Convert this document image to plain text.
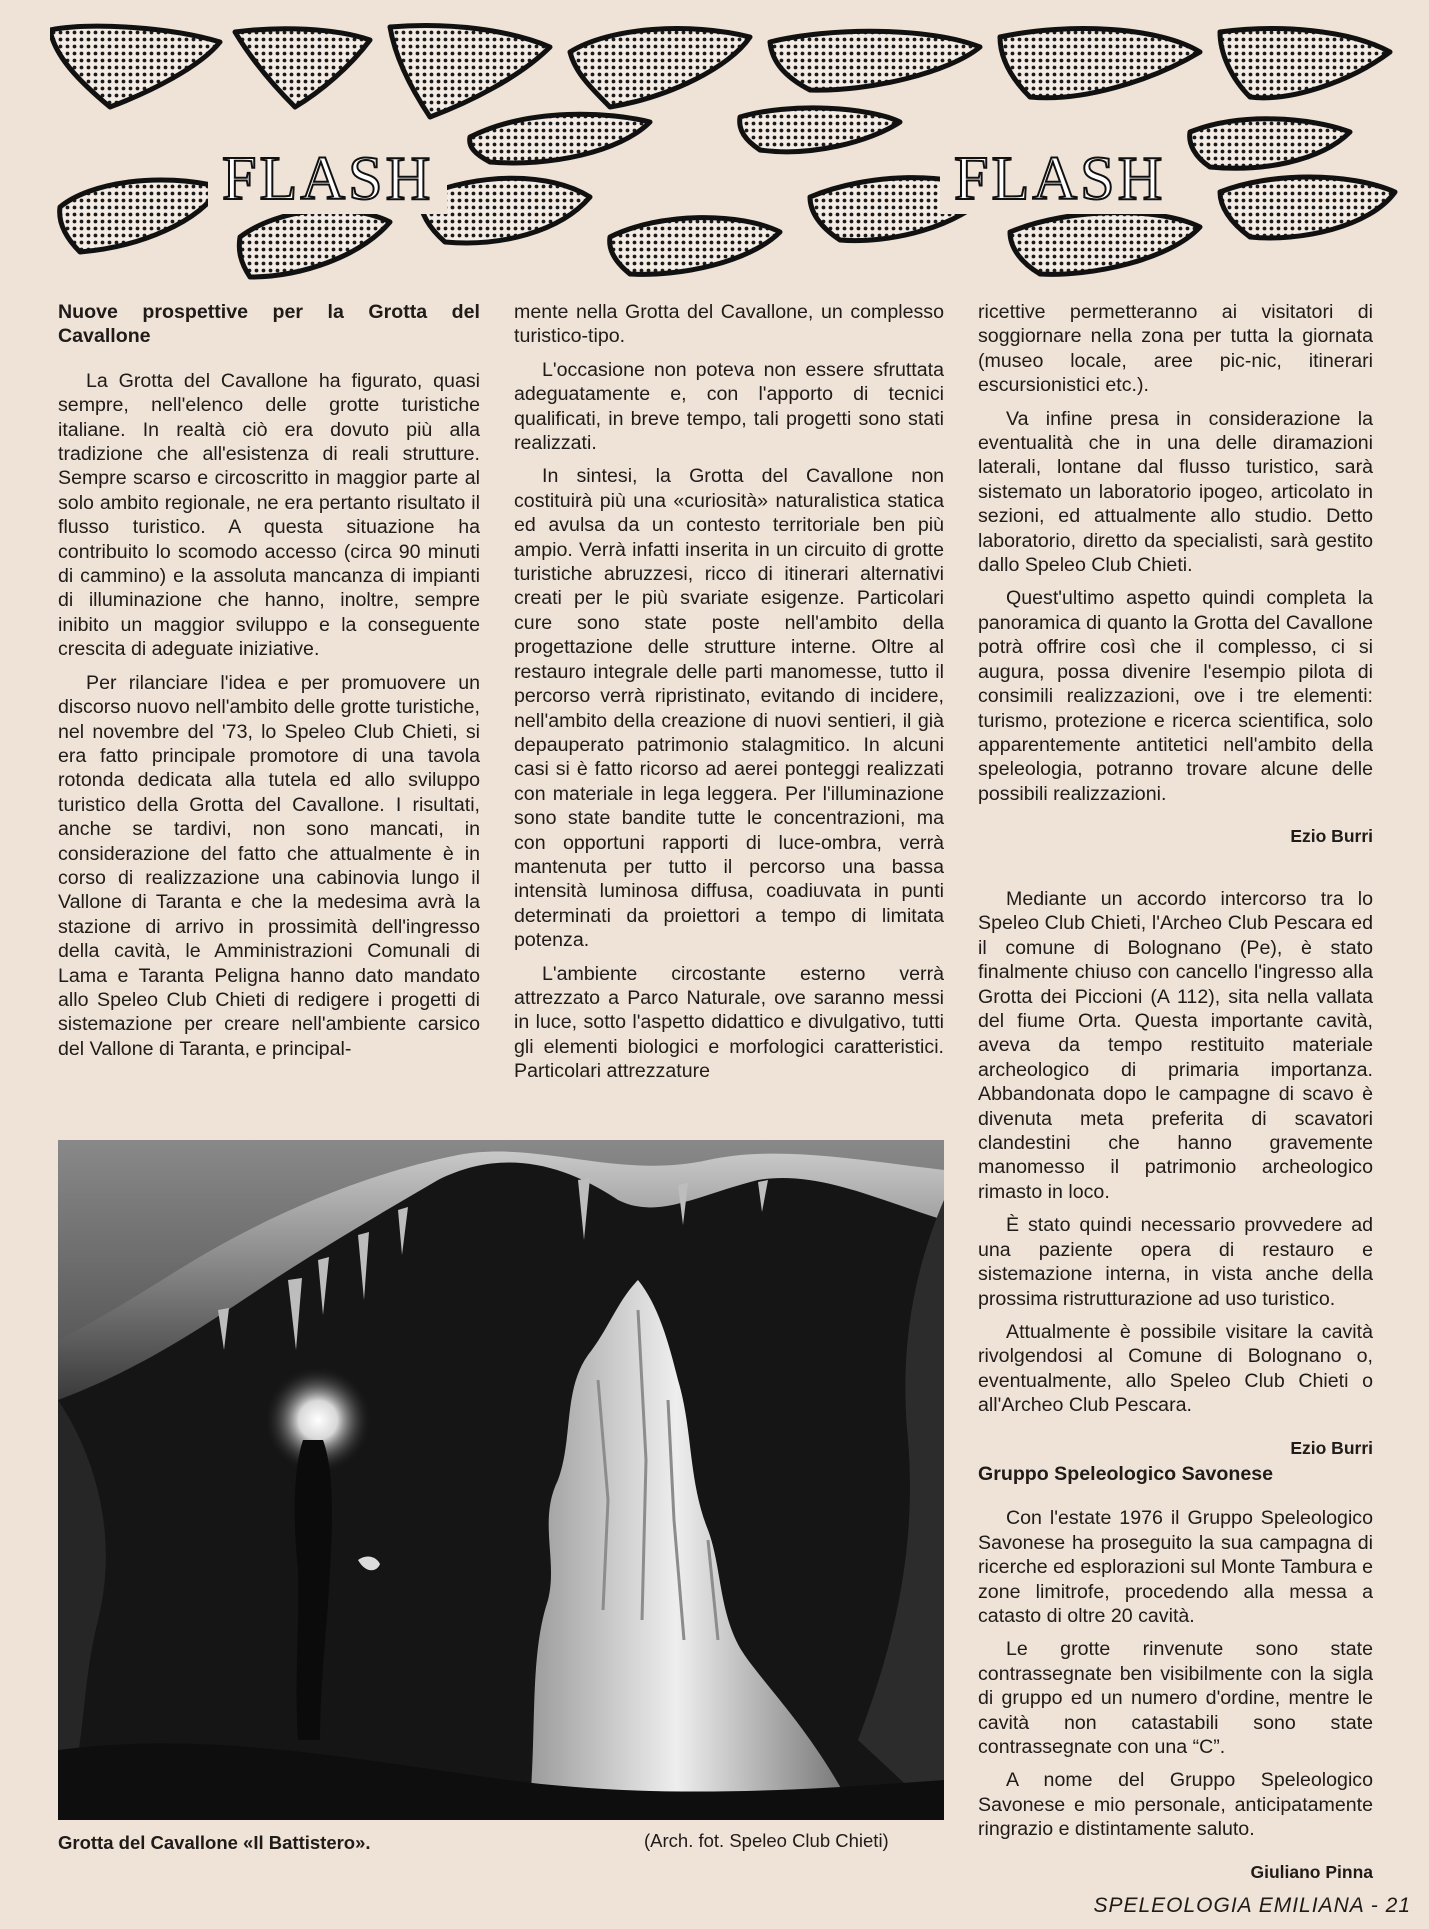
FLASH	FLASH
Nuove prospettive per la Grotta del Cavallone

La Grotta del Cavallone ha figurato, quasi sempre, nell'elenco delle grotte turistiche italiane. In realtà ciò era dovuto più alla tradizione che all'esistenza di reali strutture. Sempre scarso e circoscritto in maggior parte al solo ambito regionale, ne era pertanto risultato il flusso turistico. A questa situazione ha contribuito lo scomodo accesso (circa 90 minuti di cammino) e la assoluta mancanza di impianti di illuminazione che hanno, inoltre, sempre inibito un maggior sviluppo e la conseguente crescita di adeguate iniziative.

Per rilanciare l'idea e per promuovere un discorso nuovo nell'ambito delle grotte turistiche, nel novembre del '73, lo Speleo Club Chieti, si era fatto principale promotore di una tavola rotonda dedicata alla tutela ed allo sviluppo turistico della Grotta del Cavallone. I risultati, anche se tardivi, non sono mancati, in considerazione del fatto che attualmente è in corso di realizzazione una cabinovia lungo il Vallone di Taranta e che la medesima avrà la stazione di arrivo in prossimità dell'ingresso della cavità, le Amministrazioni Comunali di Lama e Taranta Peligna hanno dato mandato allo Speleo Club Chieti di redigere i progetti di sistemazione per creare nell'ambiente carsico del Vallone di Taranta, e principal-

mente nella Grotta del Cavallone, un complesso turistico-tipo.

L'occasione non poteva non essere sfruttata adeguatamente e, con l'apporto di tecnici qualificati, in breve tempo, tali progetti sono stati realizzati.

In sintesi, la Grotta del Cavallone non costituirà più una «curiosità» naturalistica statica ed avulsa da un contesto territoriale ben più ampio. Verrà infatti inserita in un circuito di grotte turistiche abruzzesi, ricco di itinerari alternativi creati per le più svariate esigenze. Particolari cure sono state poste nell'ambito della progettazione delle strutture interne. Oltre al restauro integrale delle parti manomesse, tutto il percorso verrà ripristinato, evitando di incidere, nell'ambito della creazione di nuovi sentieri, il già depauperato patrimonio stalagmitico. In alcuni casi si è fatto ricorso ad aerei ponteggi realizzati con materiale in lega leggera. Per l'illuminazione sono state bandite tutte le concentrazioni, ma con opportuni rapporti di luce-ombra, verrà mantenuta per tutto il percorso una bassa intensità luminosa diffusa, coadiuvata in punti determinati da proiettori a tempo di limitata potenza.

L'ambiente circostante esterno verrà attrezzato a Parco Naturale, ove saranno messi in luce, sotto l'aspetto didattico e divulgativo, tutti gli elementi biologici e morfologici caratteristici. Particolari attrezzature

ricettive permetteranno ai visitatori di soggiornare nella zona per tutta la giornata (museo locale, aree pic-nic, itinerari escursionistici etc.).

Va infine presa in considerazione la eventualità che in una delle diramazioni laterali, lontane dal flusso turistico, sarà sistemato un laboratorio ipogeo, articolato in sezioni, ed attualmente allo studio. Detto laboratorio, diretto da specialisti, sarà gestito dallo Speleo Club Chieti.

Quest'ultimo aspetto quindi completa la panoramica di quanto la Grotta del Cavallone potrà offrire così che il complesso, ci si augura, possa divenire l'esempio pilota di consimili realizzazioni, ove i tre elementi: turismo, protezione e ricerca scientifica, solo apparentemente antitetici nell'ambito della speleologia, potranno trovare alcune delle possibili realizzazioni.

Ezio Burri

Mediante un accordo intercorso tra lo Speleo Club Chieti, l'Archeo Club Pescara ed il comune di Bolognano (Pe), è stato finalmente chiuso con cancello l'ingresso alla Grotta dei Piccioni (A 112), sita nella vallata del fiume Orta. Questa importante cavità, aveva da tempo restituito materiale archeologico di primaria importanza. Abbandonata dopo le campagne di scavo è divenuta meta preferita di scavatori clandestini che hanno gravemente manomesso il patrimonio archeologico rimasto in loco.

È stato quindi necessario provvedere ad una paziente opera di restauro e sistemazione interna, in vista anche della prossima ristrutturazione ad uso turistico.

Attualmente è possibile visitare la cavità rivolgendosi al Comune di Bolognano o, eventualmente, allo Speleo Club Chieti o all'Archeo Club Pescara.

Ezio Burri
Gruppo Speleologico Savonese

Con l'estate 1976 il Gruppo Speleologico Savonese ha proseguito la sua campagna di ricerche ed esplorazioni sul Monte Tambura e zone limitrofe, procedendo alla messa a catasto di oltre 20 cavità.

Le grotte rinvenute sono state contrassegnate ben visibilmente con la sigla di gruppo ed un numero d'ordine, mentre le cavità non catastabili sono state contrassegnate con una “C”.

A nome del Gruppo Speleologico Savonese e mio personale, anticipatamente ringrazio e distintamente saluto.

Giuliano Pinna
Grotta del Cavallone «Il Battistero».	(Arch. fot. Speleo Club Chieti)
SPELEOLOGIA EMILIANA - 21
